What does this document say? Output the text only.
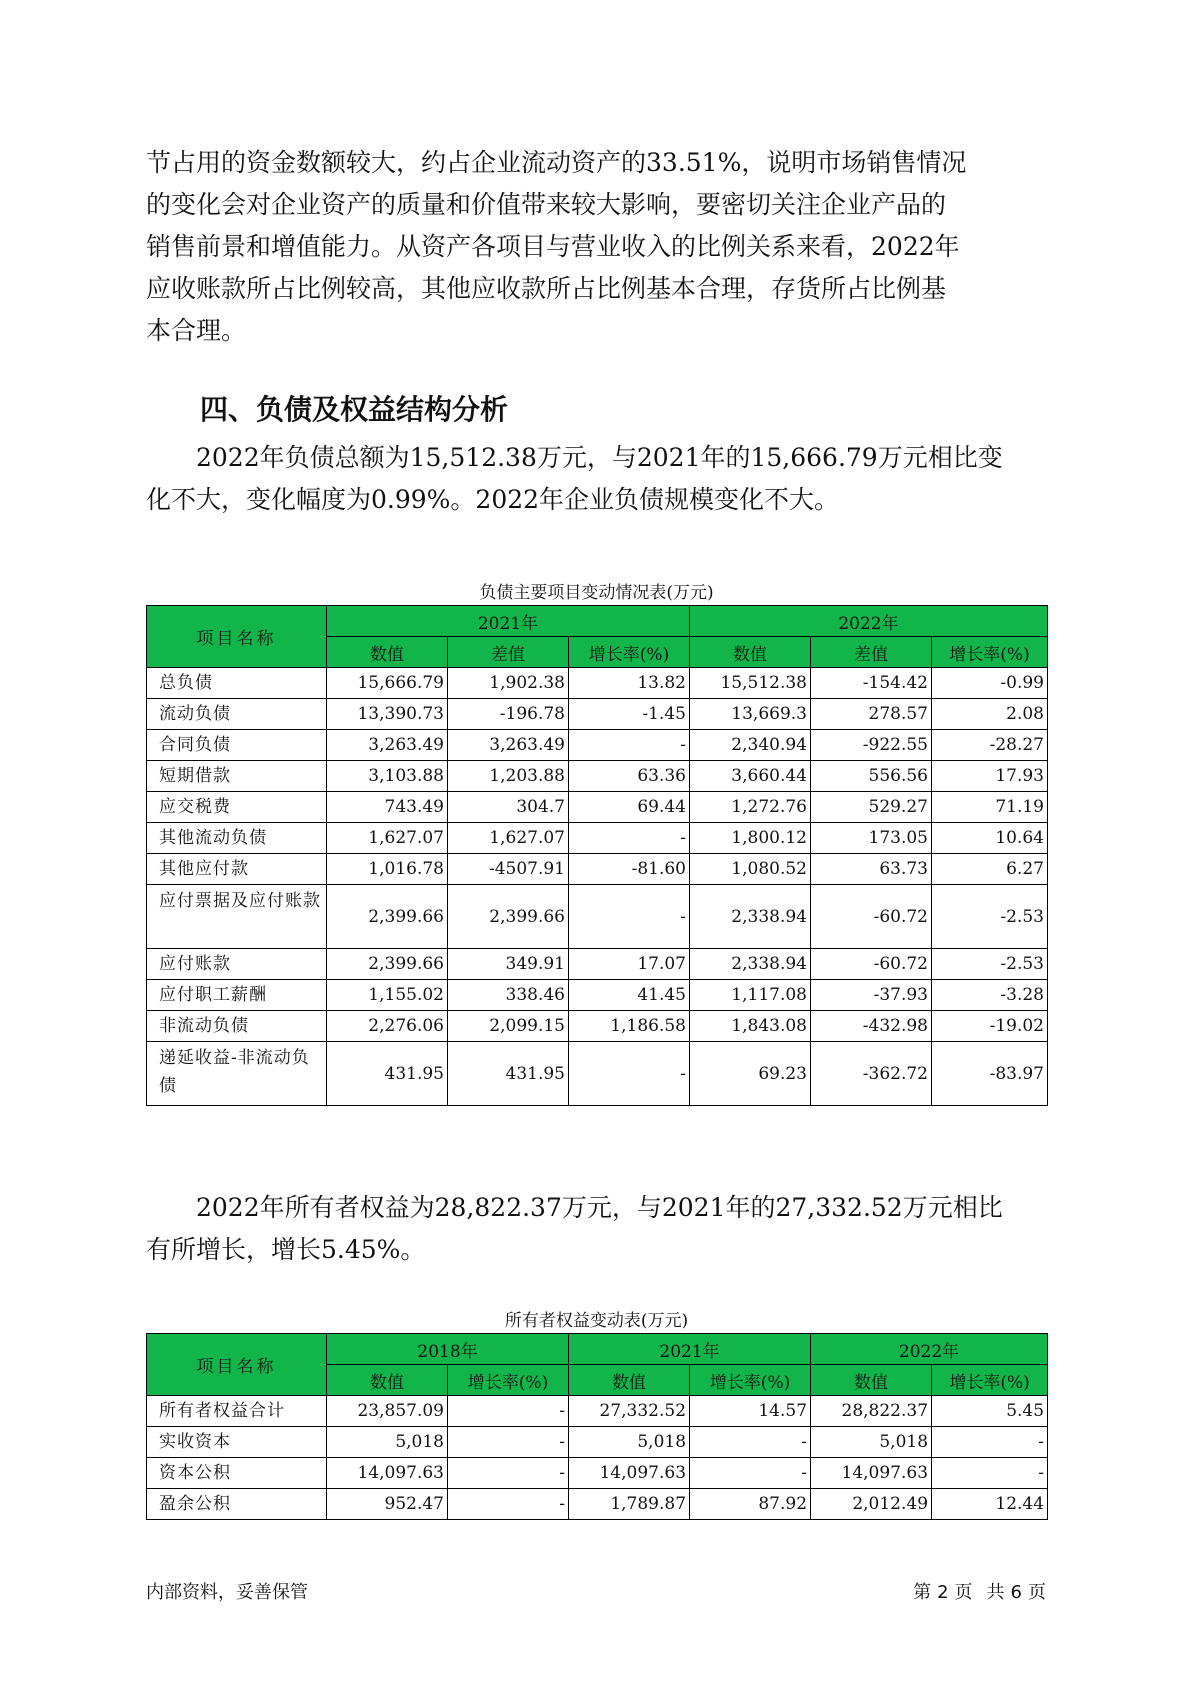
节占用的资金数额较大，约占企业流动资产的33.51%，说明市场销售情况
的变化会对企业资产的质量和价值带来较大影响，要密切关注企业产品的
销售前景和增值能力。从资产各项目与营业收入的比例关系来看，2022年
应收账款所占比例较高，其他应收款所占比例基本合理，存货所占比例基
本合理。
四、负债及权益结构分析
2022年负债总额为15,512.38万元，与2021年的15,666.79万元相比变
化不大，变化幅度为0.99%。2022年企业负债规模变化不大。
负债主要项目变动情况表(万元)
项目名称	2021年			2022年		
	数值	差值	增长率(%)	数值	差值	增长率(%)
总负债	15,666.79	1,902.38	13.82	15,512.38	-154.42	-0.99
流动负债	13,390.73	-196.78	-1.45	13,669.3	278.57	2.08
合同负债	3,263.49	3,263.49	-	2,340.94	-922.55	-28.27
短期借款	3,103.88	1,203.88	63.36	3,660.44	556.56	17.93
应交税费	743.49	304.7	69.44	1,272.76	529.27	71.19
其他流动负债	1,627.07	1,627.07	-	1,800.12	173.05	10.64
其他应付款	1,016.78	-4507.91	-81.60	1,080.52	63.73	6.27
应付票据及应付账款	2,399.66	2,399.66	-	2,338.94	-60.72	-2.53
应付账款	2,399.66	349.91	17.07	2,338.94	-60.72	-2.53
应付职工薪酬	1,155.02	338.46	41.45	1,117.08	-37.93	-3.28
非流动负债	2,276.06	2,099.15	1,186.58	1,843.08	-432.98	-19.02
递延收益-非流动负债	431.95	431.95	-	69.23	-362.72	-83.97
2022年所有者权益为28,822.37万元，与2021年的27,332.52万元相比
有所增长，增长5.45%。
所有者权益变动表(万元)
项目名称	2018年		2021年		2022年	
	数值	增长率(%)	数值	增长率(%)	数值	增长率(%)
所有者权益合计	23,857.09	-	27,332.52	14.57	28,822.37	5.45
实收资本	5,018	-	5,018	-	5,018	-
资本公积	14,097.63	-	14,097.63	-	14,097.63	-
盈余公积	952.47	-	1,789.87	87.92	2,012.49	12.44
内部资料，妥善保管	第 2 页 共 6 页
